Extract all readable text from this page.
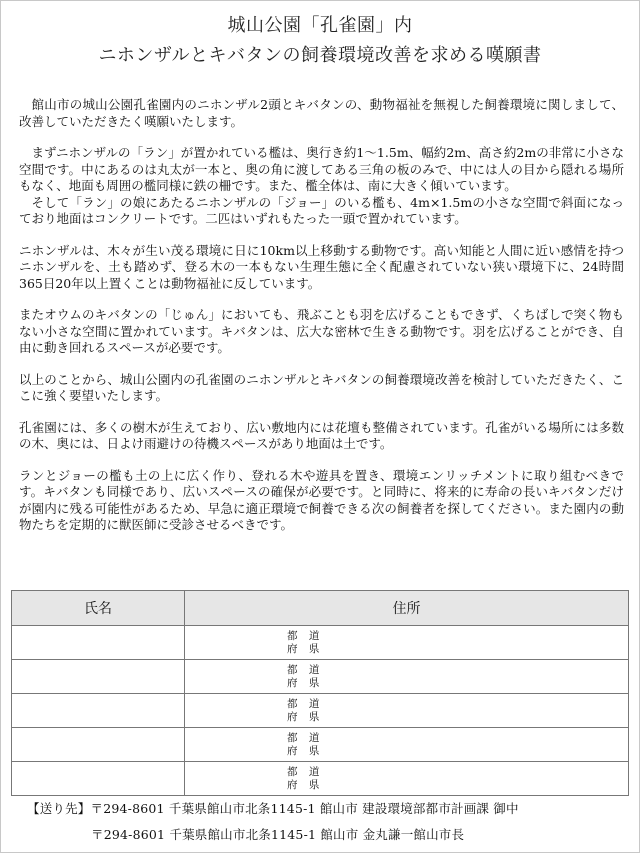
城山公園「孔雀園」内
ニホンザルとキバタンの飼養環境改善を求める嘆願書

館山市の城山公園孔雀園内のニホンザル2頭とキバタンの、動物福祉を無視した飼養環境に関しまして、改善していただきたく嘆願いたします。

まずニホンザルの「ラン」が置かれている檻は、奥行き約1～1.5m、幅約2m、高さ約2mの非常に小さな空間です。中にあるのは丸太が一本と、奥の角に渡してある三角の板のみで、中には人の目から隠れる場所もなく、地面も周囲の檻同様に鉄の柵です。また、檻全体は、南に大きく傾いています。

そして「ラン」の娘にあたるニホンザルの「ジョー」のいる檻も、4m×1.5mの小さな空間で斜面になっており地面はコンクリートです。二匹はいずれもたった一頭で置かれています。

ニホンザルは、木々が生い茂る環境に日に10km以上移動する動物です。高い知能と人間に近い感情を持つニホンザルを、土も踏めず、登る木の一本もない生理生態に全く配慮されていない狭い環境下に、24時間365日20年以上置くことは動物福祉に反しています。

またオウムのキバタンの「じゅん」においても、飛ぶことも羽を広げることもできず、くちばしで突く物もない小さな空間に置かれています。キバタンは、広大な密林で生きる動物です。羽を広げることができ、自由に動き回れるスペースが必要です。

以上のことから、城山公園内の孔雀園のニホンザルとキバタンの飼養環境改善を検討していただきたく、ここに強く要望いたします。

孔雀園には、多くの樹木が生えており、広い敷地内には花壇も整備されています。孔雀がいる場所には多数の木、奥には、日よけ雨避けの待機スペースがあり地面は土です。

ランとジョーの檻も土の上に広く作り、登れる木や遊具を置き、環境エンリッチメントに取り組むべきです。キバタンも同様であり、広いスペースの確保が必要です。と同時に、将来的に寿命の長いキバタンだけが園内に残る可能性があるため、早急に適正環境で飼養できる次の飼養者を探してください。また園内の動物たちを定期的に獣医師に受診させるべきです。

氏名	住所

	都 道
府 県

	都 道
府 県

	都 道
府 県

	都 道
府 県

	都 道
府 県
【送り先】〒294-8601 千葉県館山市北条1145-1 館山市 建設環境部都市計画課 御中
〒294-8601 千葉県館山市北条1145-1 館山市 金丸謙一館山市長
